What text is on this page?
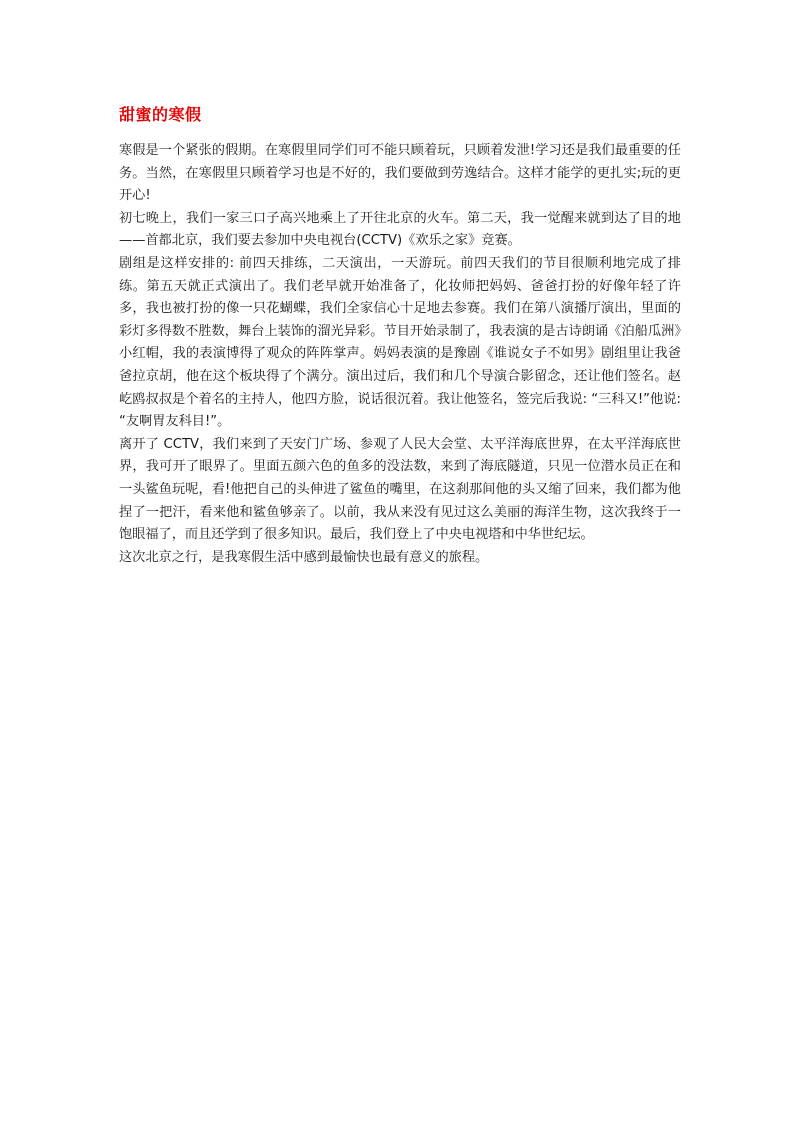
甜蜜的寒假

寒假是一个紧张的假期。在寒假里同学们可不能只顾着玩，只顾着发泄!学习还是我们最重要的任务。当然，在寒假里只顾着学习也是不好的，我们要做到劳逸结合。这样才能学的更扎实;玩的更开心!

初七晚上，我们一家三口子高兴地乘上了开往北京的火车。第二天，我一觉醒来就到达了目的地——首都北京，我们要去参加中央电视台(CCTV)《欢乐之家》竞赛。

剧组是这样安排的: 前四天排练，二天演出，一天游玩。前四天我们的节目很顺利地完成了排练。第五天就正式演出了。我们老早就开始准备了，化妆师把妈妈、爸爸打扮的好像年轻了许多，我也被打扮的像一只花蝴蝶，我们全家信心十足地去参赛。我们在第八演播厅演出，里面的彩灯多得数不胜数，舞台上装饰的溜光异彩。节目开始录制了，我表演的是古诗朗诵《泊船瓜洲》小红帽，我的表演博得了观众的阵阵掌声。妈妈表演的是豫剧《谁说女子不如男》剧组里让我爸爸拉京胡，他在这个板块得了个满分。演出过后，我们和几个导演合影留念，还让他们签名。赵屹鸥叔叔是个着名的主持人，他四方脸，说话很沉着。我让他签名，签完后我说: “三科又!”他说: “友啊胃友科目!”。

离开了 CCTV，我们来到了天安门广场、参观了人民大会堂、太平洋海底世界，在太平洋海底世界，我可开了眼界了。里面五颜六色的鱼多的没法数，来到了海底隧道，只见一位潜水员正在和一头鲨鱼玩呢，看!他把自己的头伸进了鲨鱼的嘴里，在这刹那间他的头又缩了回来，我们都为他捏了一把汗，看来他和鲨鱼够亲了。以前，我从来没有见过这么美丽的海洋生物，这次我终于一饱眼福了，而且还学到了很多知识。最后，我们登上了中央电视塔和中华世纪坛。

这次北京之行，是我寒假生活中感到最愉快也最有意义的旅程。
